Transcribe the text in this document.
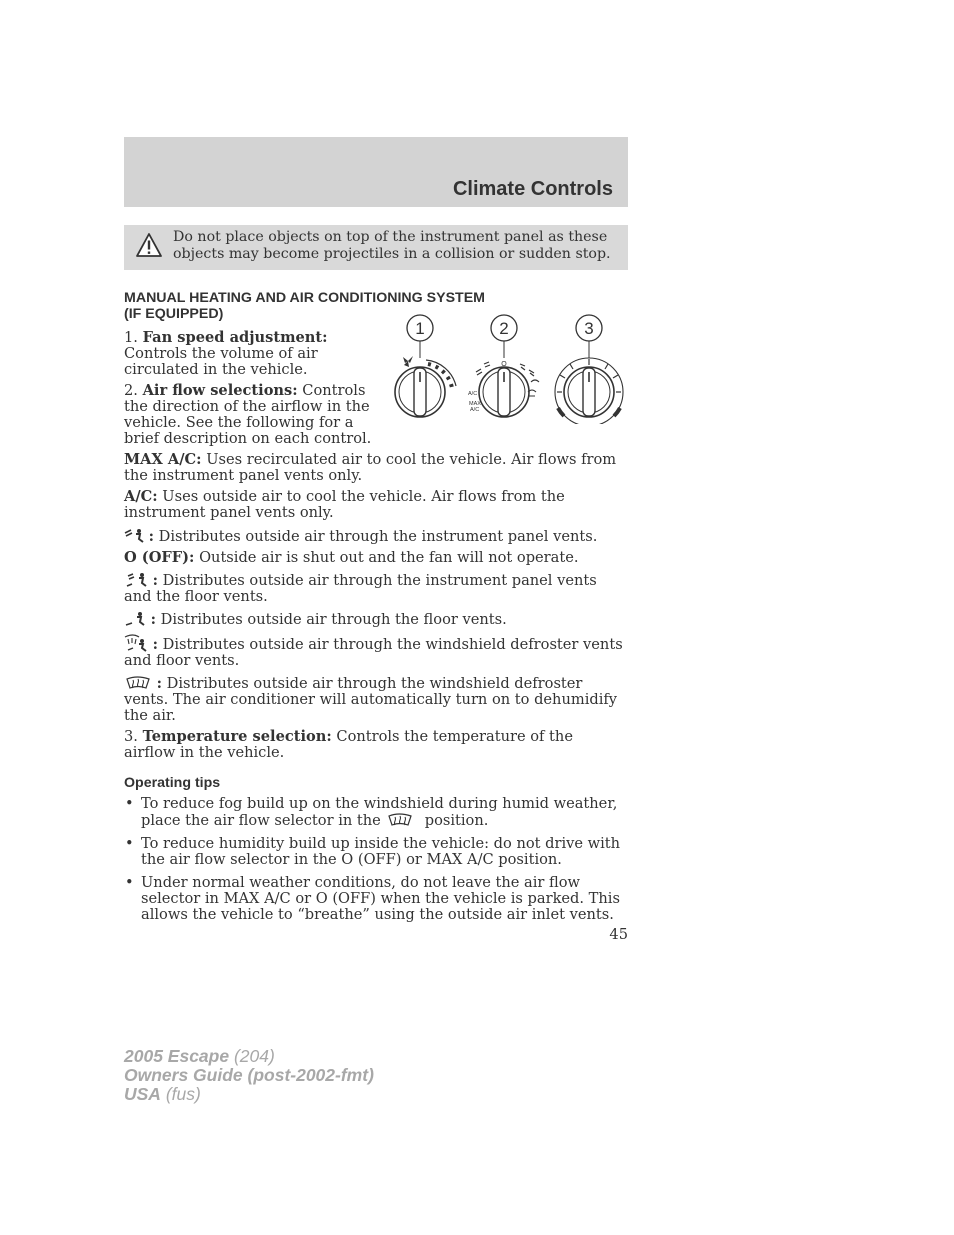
Climate Controls
Do not place objects on top of the instrument panel as these objects may become projectiles in a collision or sudden stop.
1	2	3
O
A/C
MAX
A/C

MANUAL HEATING AND AIR CONDITIONING SYSTEM
(IF EQUIPPED)

1. Fan speed adjustment: Controls the volume of air circulated in the vehicle.

2. Air flow selections: Controls the direction of the airflow in the vehicle. See the following for a brief description on each control.

MAX A/C: Uses recirculated air to cool the vehicle. Air flows from the instrument panel vents only.

A/C: Uses outside air to cool the vehicle. Air flows from the instrument panel vents only.

: Distributes outside air through the instrument panel vents.

O (OFF): Outside air is shut out and the fan will not operate.

: Distributes outside air through the instrument panel vents and the floor vents.

: Distributes outside air through the floor vents.

: Distributes outside air through the windshield defroster vents and floor vents.

: Distributes outside air through the windshield defroster vents. The air conditioner will automatically turn on to dehumidify the air.

3. Temperature selection: Controls the temperature of the airflow in the vehicle.

Operating tips

• To reduce fog build up on the windshield during humid weather, place the air flow selector in the	position.
• To reduce humidity build up inside the vehicle: do not drive with the air flow selector in the O (OFF) or MAX A/C position.
• Under normal weather conditions, do not leave the air flow selector in MAX A/C or O (OFF) when the vehicle is parked. This allows the vehicle to “breathe” using the outside air inlet vents.
45
2005 Escape (204)
Owners Guide (post-2002-fmt)
USA (fus)
